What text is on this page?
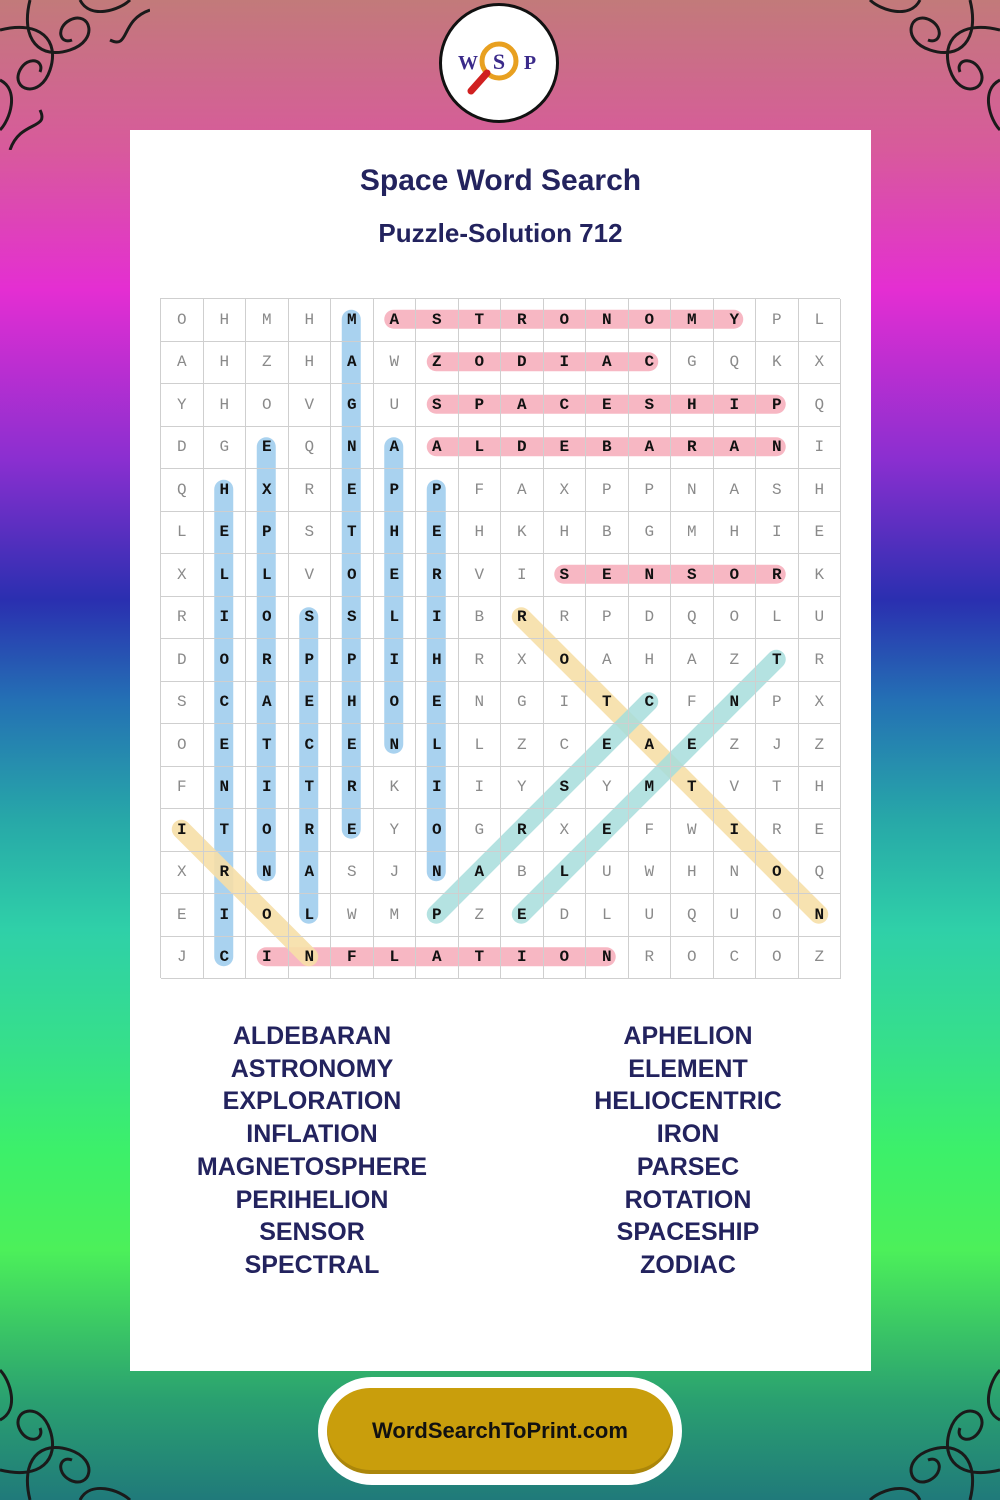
W S P
Space Word Search
Puzzle-Solution 712
O	H	M	H	M	A	S	T	R	O	N	O	M	Y	P	L
A	H	Z	H	A	W	Z	O	D	I	A	C	G	Q	K	X
Y	H	O	V	G	U	S	P	A	C	E	S	H	I	P	Q
D	G	E	Q	N	A	A	L	D	E	B	A	R	A	N	I
Q	H	X	R	E	P	P	F	A	X	P	P	N	A	S	H
L	E	P	S	T	H	E	H	K	H	B	G	M	H	I	E
X	L	L	V	O	E	R	V	I	S	E	N	S	O	R	K
R	I	O	S	S	L	I	B	R	R	P	D	Q	O	L	U
D	O	R	P	P	I	H	R	X	O	A	H	A	Z	T	R
S	C	A	E	H	O	E	N	G	I	T	C	F	N	P	X
O	E	T	C	E	N	L	L	Z	C	E	A	E	Z	J	Z
F	N	I	T	R	K	I	I	Y	S	Y	M	T	V	T	H
I	T	O	R	E	Y	O	G	R	X	E	F	W	I	R	E
X	R	N	A	S	J	N	A	B	L	U	W	H	N	O	Q
E	I	O	L	W	M	P	Z	E	D	L	U	Q	U	O	N
J	C	I	N	F	L	A	T	I	O	N	R	O	C	O	Z
ALDEBARAN
ASTRONOMY
EXPLORATION
INFLATION
MAGNETOSPHERE
PERIHELION
SENSOR
SPECTRAL
APHELION
ELEMENT
HELIOCENTRIC
IRON
PARSEC
ROTATION
SPACESHIP
ZODIAC
WordSearchToPrint.com
